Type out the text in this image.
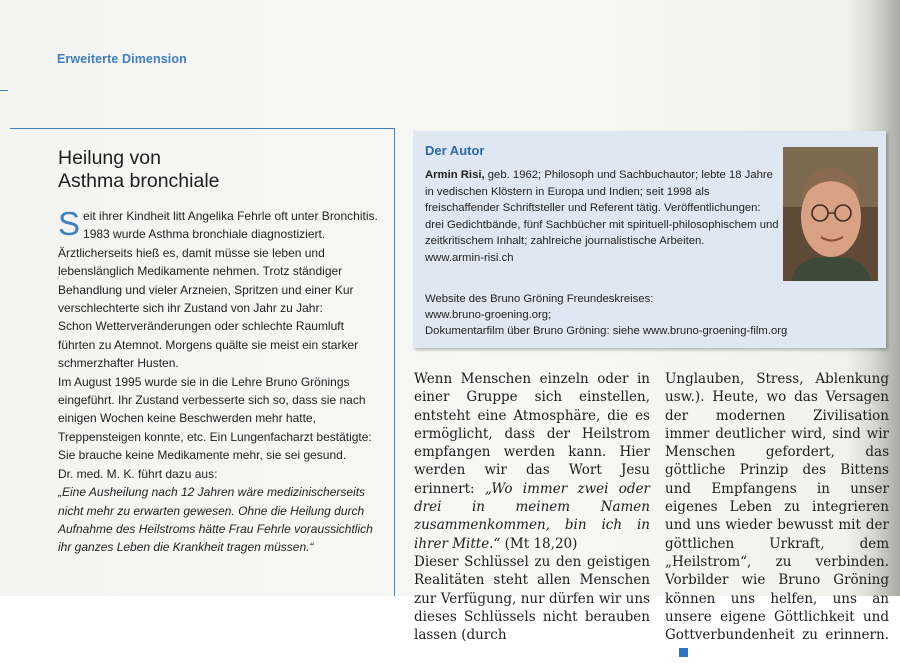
Erweiterte Dimension
Heilung von
Asthma bronchiale

Seit ihrer Kindheit litt Angelika Fehrle oft unter Bronchitis. 1983 wurde Asthma bronchiale diagnostiziert. Ärztlicherseits hieß es, damit müsse sie leben und lebenslänglich Medikamente nehmen. Trotz ständiger Behandlung und vieler Arzneien, Spritzen und einer Kur verschlechterte sich ihr Zustand von Jahr zu Jahr:

Schon Wetterveränderungen oder schlechte Raumluft führten zu Atemnot. Morgens quälte sie meist ein starker schmerzhafter Husten.

Im August 1995 wurde sie in die Lehre Bruno Grönings eingeführt. Ihr Zustand verbesserte sich so, dass sie nach einigen Wochen keine Beschwerden mehr hatte, Treppensteigen konnte, etc. Ein Lungenfacharzt bestätigte: Sie brauche keine Medikamente mehr, sie sei gesund.

Dr. med. M. K. führt dazu aus:

„Eine Ausheilung nach 12 Jahren wäre medizinischerseits nicht mehr zu erwarten gewesen. Ohne die Heilung durch Aufnahme des Heilstroms hätte Frau Fehrle voraussichtlich ihr ganzes Leben die Krankheit tragen müssen.“

Der Autor
Armin Risi, geb. 1962; Philosoph und Sachbuchautor; lebte 18 Jahre in vedischen Klöstern in Europa und Indien; seit 1998 als freischaffender Schriftsteller und Referent tätig. Veröffentlichungen: drei Gedichtbände, fünf Sachbücher mit spirituell-philosophischem und zeitkritischem Inhalt; zahlreiche journalistische Arbeiten.
www.armin-risi.ch
Website des Bruno Gröning Freundeskreises:
www.bruno-groening.org;
Dokumentarfilm über Bruno Gröning: siehe www.bruno-groening-film.org

Wenn Menschen einzeln oder in einer Gruppe sich einstellen, entsteht eine Atmosphäre, die es ermöglicht, dass der Heilstrom empfangen werden kann. Hier werden wir das Wort Jesu erinnert: „Wo immer zwei oder drei in meinem Namen zusammenkommen, bin ich in ihrer Mitte.“ (Mt 18,20)

Dieser Schlüssel zu den geistigen Realitäten steht allen Menschen zur Verfügung, nur dürfen wir uns dieses Schlüssels nicht berauben lassen (durch

Unglauben, Stress, Ablenkung usw.). Heute, wo das Versagen der modernen Zivilisation immer deutlicher wird, sind wir Menschen gefordert, das göttliche Prinzip des Bittens und Empfangens in unser eigenes Leben zu integrieren und uns wieder bewusst mit der göttlichen Urkraft, dem „Heilstrom“, zu verbinden. Vorbilder wie Bruno Gröning können uns helfen, uns an unsere eigene Göttlichkeit und Gottverbundenheit zu erinnern.
